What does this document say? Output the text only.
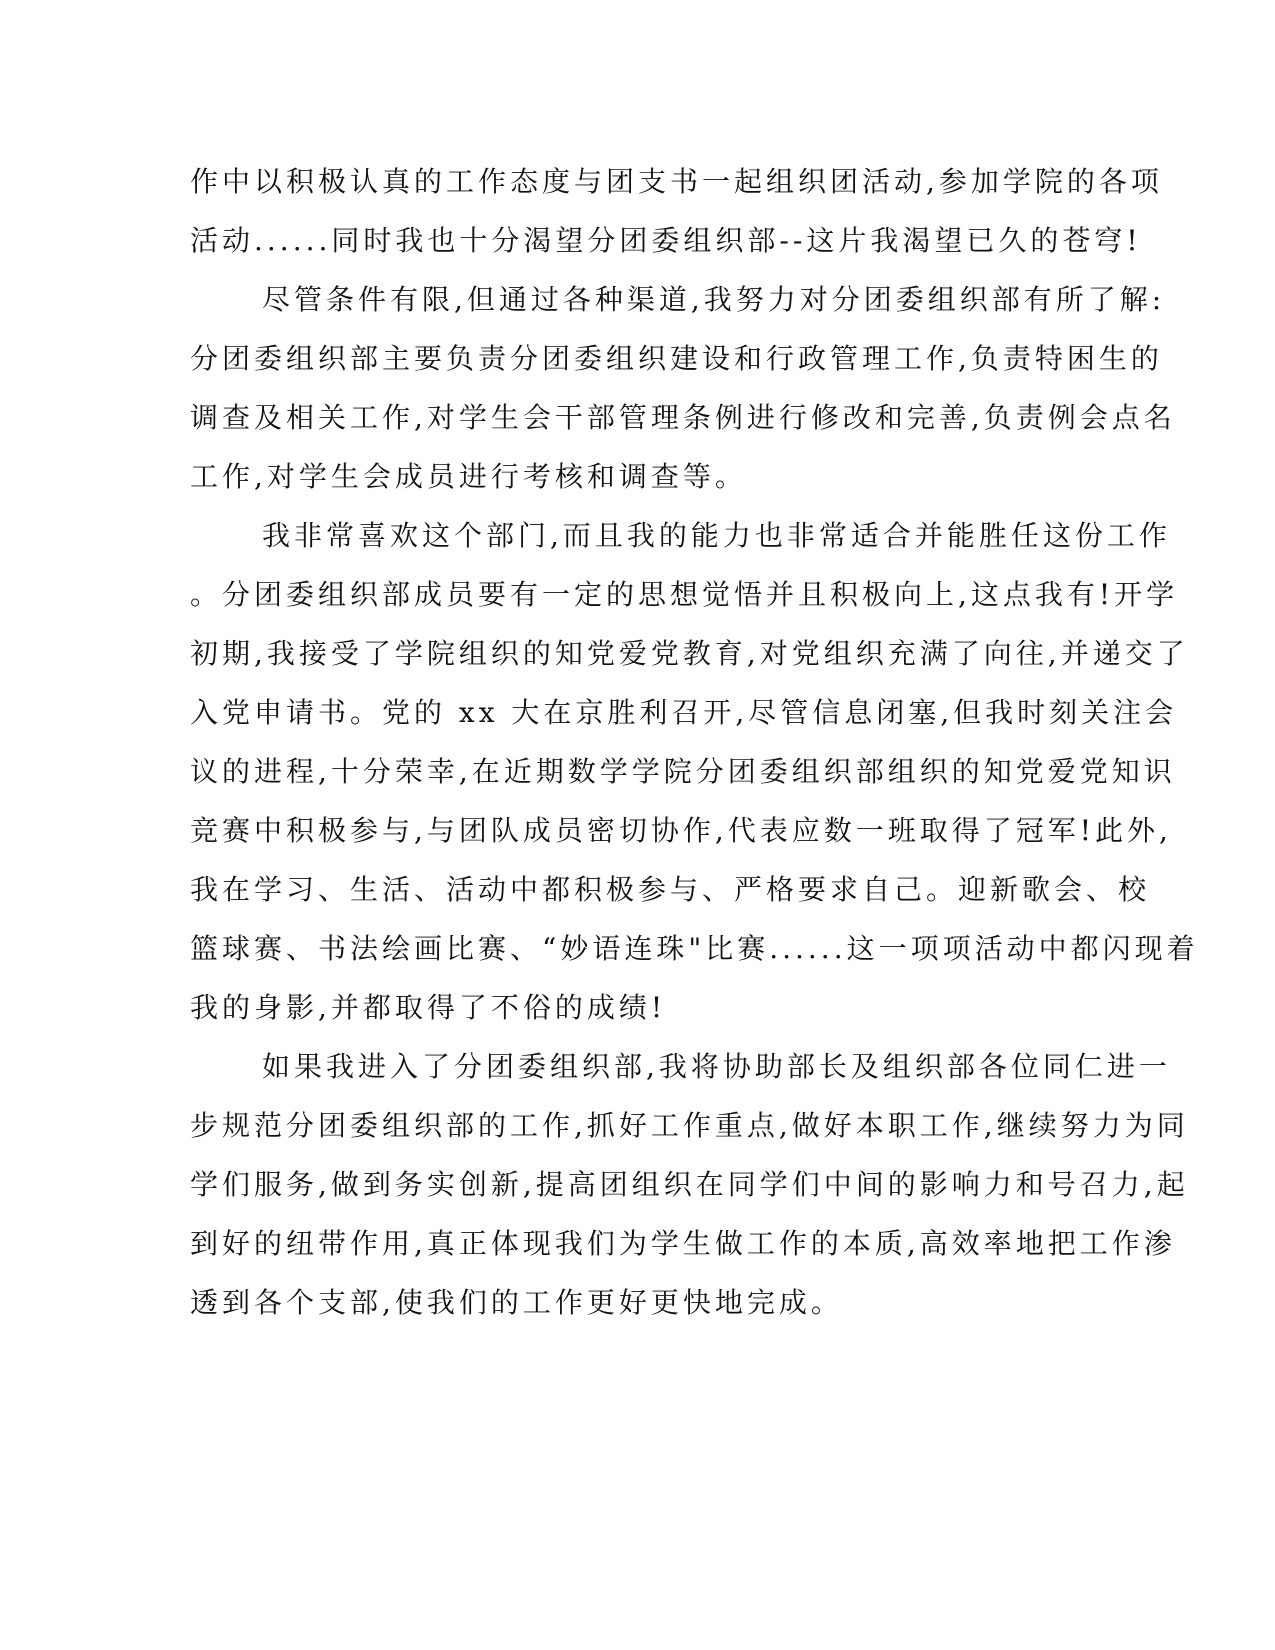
作中以积极认真的工作态度与团支书一起组织团活动,参加学院的各项
活动......同时我也十分渴望分团委组织部--这片我渴望已久的苍穹!
尽管条件有限,但通过各种渠道,我努力对分团委组织部有所了解:
分团委组织部主要负责分团委组织建设和行政管理工作,负责特困生的
调查及相关工作,对学生会干部管理条例进行修改和完善,负责例会点名
工作,对学生会成员进行考核和调查等。
我非常喜欢这个部门,而且我的能力也非常适合并能胜任这份工作
。分团委组织部成员要有一定的思想觉悟并且积极向上,这点我有!开学
初期,我接受了学院组织的知党爱党教育,对党组织充满了向往,并递交了
入党申请书。党的 xx 大在京胜利召开,尽管信息闭塞,但我时刻关注会
议的进程,十分荣幸,在近期数学学院分团委组织部组织的知党爱党知识
竞赛中积极参与,与团队成员密切协作,代表应数一班取得了冠军!此外,
我在学习、生活、活动中都积极参与、严格要求自己。迎新歌会、校
篮球赛、书法绘画比赛、“妙语连珠"比赛......这一项项活动中都闪现着
我的身影,并都取得了不俗的成绩!
如果我进入了分团委组织部,我将协助部长及组织部各位同仁进一
步规范分团委组织部的工作,抓好工作重点,做好本职工作,继续努力为同
学们服务,做到务实创新,提高团组织在同学们中间的影响力和号召力,起
到好的纽带作用,真正体现我们为学生做工作的本质,高效率地把工作渗
透到各个支部,使我们的工作更好更快地完成。
